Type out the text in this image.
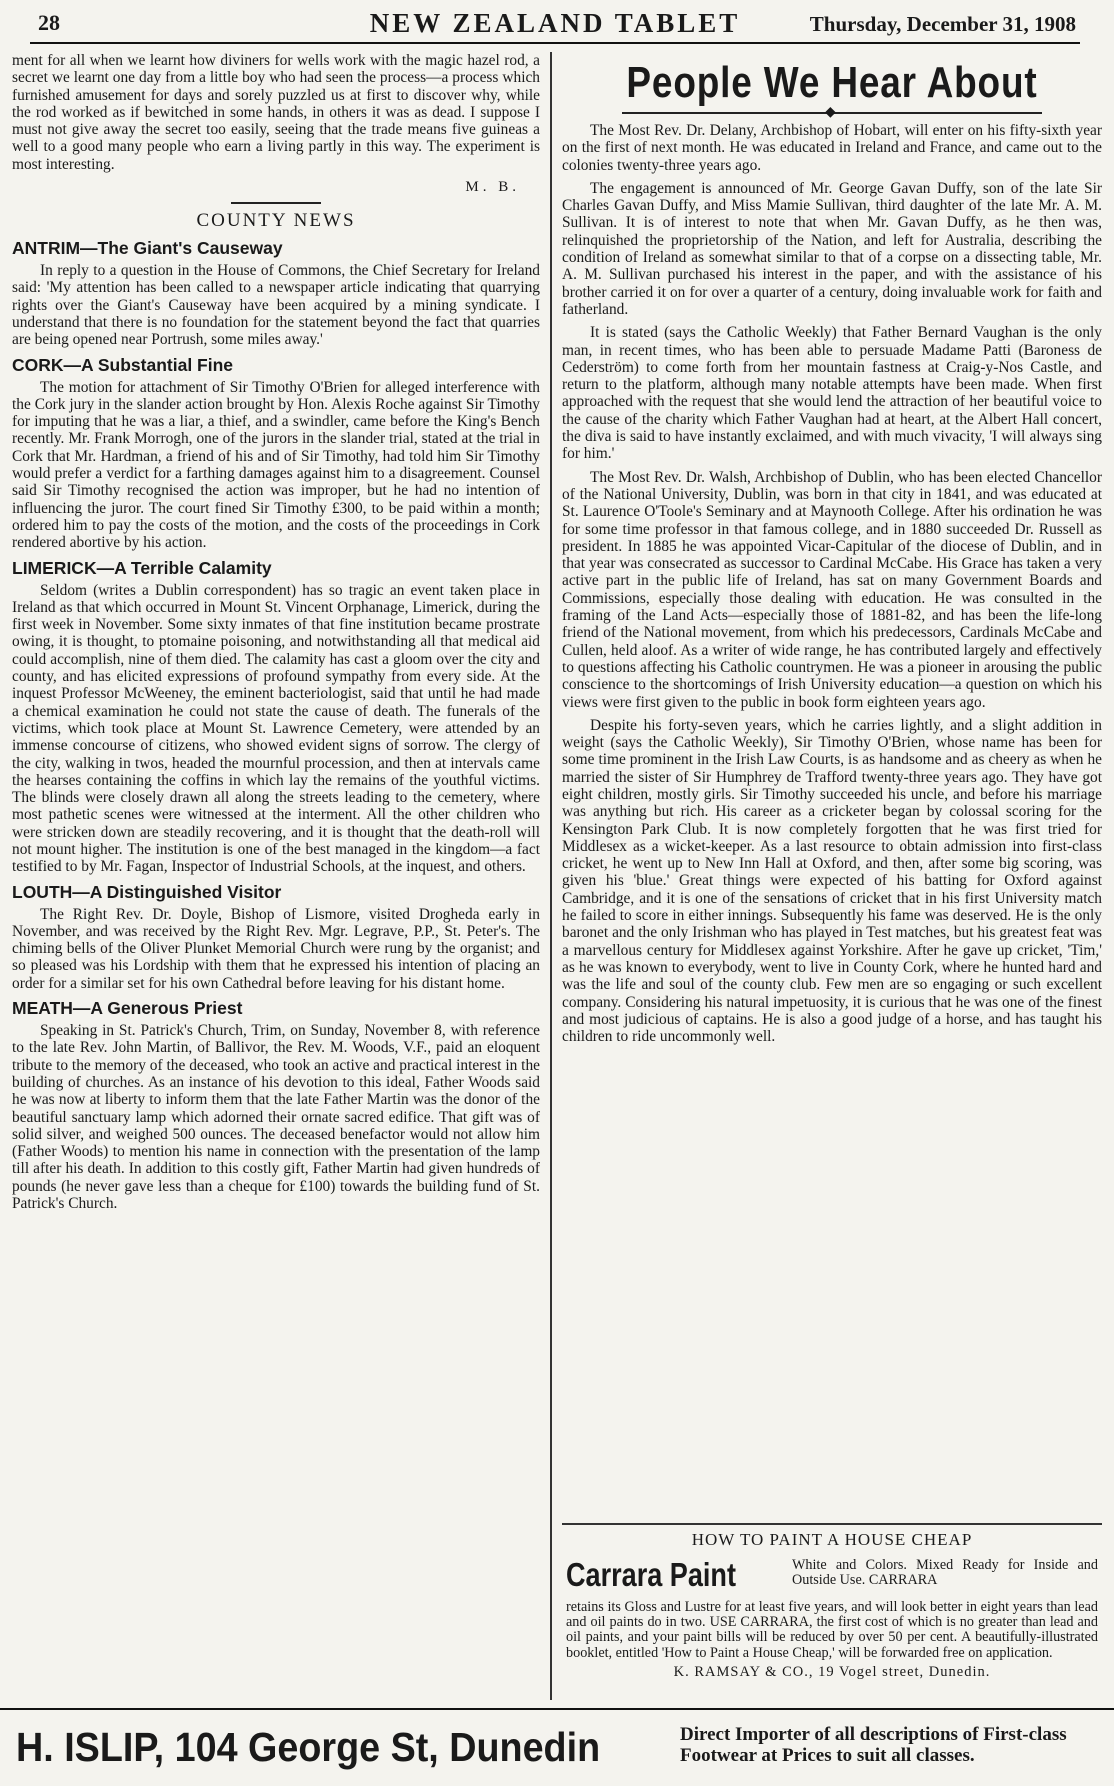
28	NEW ZEALAND TABLET	Thursday, December 31, 1908

ment for all when we learnt how diviners for wells work with the magic hazel rod, a secret we learnt one day from a little boy who had seen the process—a process which furnished amusement for days and sorely puzzled us at first to discover why, while the rod worked as if bewitched in some hands, in others it was as dead. I suppose I must not give away the secret too easily, seeing that the trade means five guineas a well to a good many people who earn a living partly in this way. The experiment is most interesting.

M. B.
COUNTY NEWS
ANTRIM—The Giant's Causeway

In reply to a question in the House of Commons, the Chief Secretary for Ireland said: 'My attention has been called to a newspaper article indicating that quarrying rights over the Giant's Causeway have been acquired by a mining syndicate. I understand that there is no foundation for the statement beyond the fact that quarries are being opened near Portrush, some miles away.'

CORK—A Substantial Fine

The motion for attachment of Sir Timothy O'Brien for alleged interference with the Cork jury in the slander action brought by Hon. Alexis Roche against Sir Timothy for imputing that he was a liar, a thief, and a swindler, came before the King's Bench recently. Mr. Frank Morrogh, one of the jurors in the slander trial, stated at the trial in Cork that Mr. Hardman, a friend of his and of Sir Timothy, had told him Sir Timothy would prefer a verdict for a farthing damages against him to a disagreement. Counsel said Sir Timothy recognised the action was improper, but he had no intention of influencing the juror. The court fined Sir Timothy £300, to be paid within a month; ordered him to pay the costs of the motion, and the costs of the proceedings in Cork rendered abortive by his action.

LIMERICK—A Terrible Calamity

Seldom (writes a Dublin correspondent) has so tragic an event taken place in Ireland as that which occurred in Mount St. Vincent Orphanage, Limerick, during the first week in November. Some sixty inmates of that fine institution became prostrate owing, it is thought, to ptomaine poisoning, and notwithstanding all that medical aid could accomplish, nine of them died. The calamity has cast a gloom over the city and county, and has elicited expressions of profound sympathy from every side. At the inquest Professor McWeeney, the eminent bacteriologist, said that until he had made a chemical examination he could not state the cause of death. The funerals of the victims, which took place at Mount St. Lawrence Cemetery, were attended by an immense concourse of citizens, who showed evident signs of sorrow. The clergy of the city, walking in twos, headed the mournful procession, and then at intervals came the hearses containing the coffins in which lay the remains of the youthful victims. The blinds were closely drawn all along the streets leading to the cemetery, where most pathetic scenes were witnessed at the interment. All the other children who were stricken down are steadily recovering, and it is thought that the death-roll will not mount higher. The institution is one of the best managed in the kingdom—a fact testified to by Mr. Fagan, Inspector of Industrial Schools, at the inquest, and others.

LOUTH—A Distinguished Visitor

The Right Rev. Dr. Doyle, Bishop of Lismore, visited Drogheda early in November, and was received by the Right Rev. Mgr. Legrave, P.P., St. Peter's. The chiming bells of the Oliver Plunket Memorial Church were rung by the organist; and so pleased was his Lordship with them that he expressed his intention of placing an order for a similar set for his own Cathedral before leaving for his distant home.

MEATH—A Generous Priest

Speaking in St. Patrick's Church, Trim, on Sunday, November 8, with reference to the late Rev. John Martin, of Ballivor, the Rev. M. Woods, V.F., paid an eloquent tribute to the memory of the deceased, who took an active and practical interest in the building of churches. As an instance of his devotion to this ideal, Father Woods said he was now at liberty to inform them that the late Father Martin was the donor of the beautiful sanctuary lamp which adorned their ornate sacred edifice. That gift was of solid silver, and weighed 500 ounces. The deceased benefactor would not allow him (Father Woods) to mention his name in connection with the presentation of the lamp till after his death. In addition to this costly gift, Father Martin had given hundreds of pounds (he never gave less than a cheque for £100) towards the building fund of St. Patrick's Church.

People We Hear About
◆

The Most Rev. Dr. Delany, Archbishop of Hobart, will enter on his fifty-sixth year on the first of next month. He was educated in Ireland and France, and came out to the colonies twenty-three years ago.

The engagement is announced of Mr. George Gavan Duffy, son of the late Sir Charles Gavan Duffy, and Miss Mamie Sullivan, third daughter of the late Mr. A. M. Sullivan. It is of interest to note that when Mr. Gavan Duffy, as he then was, relinquished the proprietorship of the Nation, and left for Australia, describing the condition of Ireland as somewhat similar to that of a corpse on a dissecting table, Mr. A. M. Sullivan purchased his interest in the paper, and with the assistance of his brother carried it on for over a quarter of a century, doing invaluable work for faith and fatherland.

It is stated (says the Catholic Weekly) that Father Bernard Vaughan is the only man, in recent times, who has been able to persuade Madame Patti (Baroness de Cederström) to come forth from her mountain fastness at Craig-y-Nos Castle, and return to the platform, although many notable attempts have been made. When first approached with the request that she would lend the attraction of her beautiful voice to the cause of the charity which Father Vaughan had at heart, at the Albert Hall concert, the diva is said to have instantly exclaimed, and with much vivacity, 'I will always sing for him.'

The Most Rev. Dr. Walsh, Archbishop of Dublin, who has been elected Chancellor of the National University, Dublin, was born in that city in 1841, and was educated at St. Laurence O'Toole's Seminary and at Maynooth College. After his ordination he was for some time professor in that famous college, and in 1880 succeeded Dr. Russell as president. In 1885 he was appointed Vicar-Capitular of the diocese of Dublin, and in that year was consecrated as successor to Cardinal McCabe. His Grace has taken a very active part in the public life of Ireland, has sat on many Government Boards and Commissions, especially those dealing with education. He was consulted in the framing of the Land Acts—especially those of 1881-82, and has been the life-long friend of the National movement, from which his predecessors, Cardinals McCabe and Cullen, held aloof. As a writer of wide range, he has contributed largely and effectively to questions affecting his Catholic countrymen. He was a pioneer in arousing the public conscience to the shortcomings of Irish University education—a question on which his views were first given to the public in book form eighteen years ago.

Despite his forty-seven years, which he carries lightly, and a slight addition in weight (says the Catholic Weekly), Sir Timothy O'Brien, whose name has been for some time prominent in the Irish Law Courts, is as handsome and as cheery as when he married the sister of Sir Humphrey de Trafford twenty-three years ago. They have got eight children, mostly girls. Sir Timothy succeeded his uncle, and before his marriage was anything but rich. His career as a cricketer began by colossal scoring for the Kensington Park Club. It is now completely forgotten that he was first tried for Middlesex as a wicket-keeper. As a last resource to obtain admission into first-class cricket, he went up to New Inn Hall at Oxford, and then, after some big scoring, was given his 'blue.' Great things were expected of his batting for Oxford against Cambridge, and it is one of the sensations of cricket that in his first University match he failed to score in either innings. Subsequently his fame was deserved. He is the only baronet and the only Irishman who has played in Test matches, but his greatest feat was a marvellous century for Middlesex against Yorkshire. After he gave up cricket, 'Tim,' as he was known to everybody, went to live in County Cork, where he hunted hard and was the life and soul of the county club. Few men are so engaging or such excellent company. Considering his natural impetuosity, it is curious that he was one of the finest and most judicious of captains. He is also a good judge of a horse, and has taught his children to ride uncommonly well.

HOW TO PAINT A HOUSE CHEAP
Carrara Paint	White and Colors. Mixed Ready for Inside and Outside Use. CARRARA
retains its Gloss and Lustre for at least five years, and will look better in eight years than lead and oil paints do in two. USE CARRARA, the first cost of which is no greater than lead and oil paints, and your paint bills will be reduced by over 50 per cent. A beautifully-illustrated booklet, entitled 'How to Paint a House Cheap,' will be forwarded free on application.
K. RAMSAY & CO., 19 Vogel street, Dunedin.
H. ISLIP, 104 George St, Dunedin	Direct Importer of all descriptions of First-class Footwear at Prices to suit all classes.
